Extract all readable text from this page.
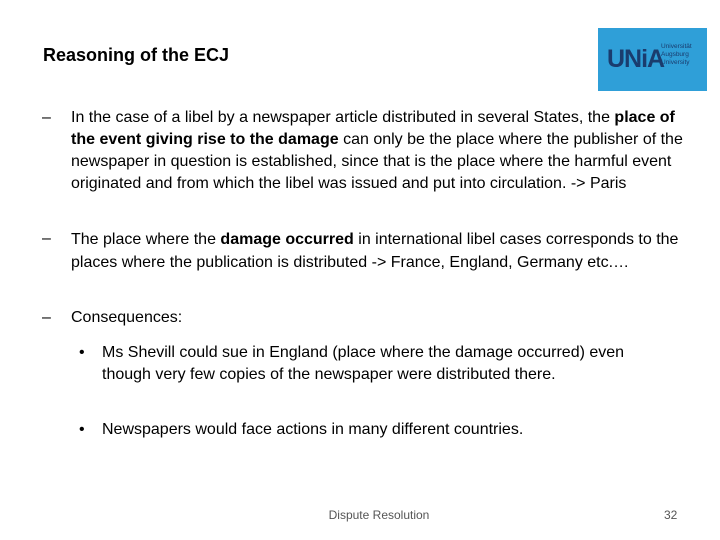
Reasoning of the ECJ	UNiA
Universität
Augsburg
University
– In the case of a libel by a newspaper article distributed in several States, the place of the event giving rise to the damage can only be the place where the publisher of the newspaper in question is established, since that is the place where the harmful event originated and from which the libel was issued and put into circulation. -> Paris
– The place where the damage occurred in international libel cases corresponds to the places where the publication is distributed -> France, England, Germany etc.…
– Consequences:
• Ms Shevill could sue in England (place where the damage occurred) even though very few copies of the newspaper were distributed there.
• Newspapers would face actions in many different countries.
Dispute Resolution	32
